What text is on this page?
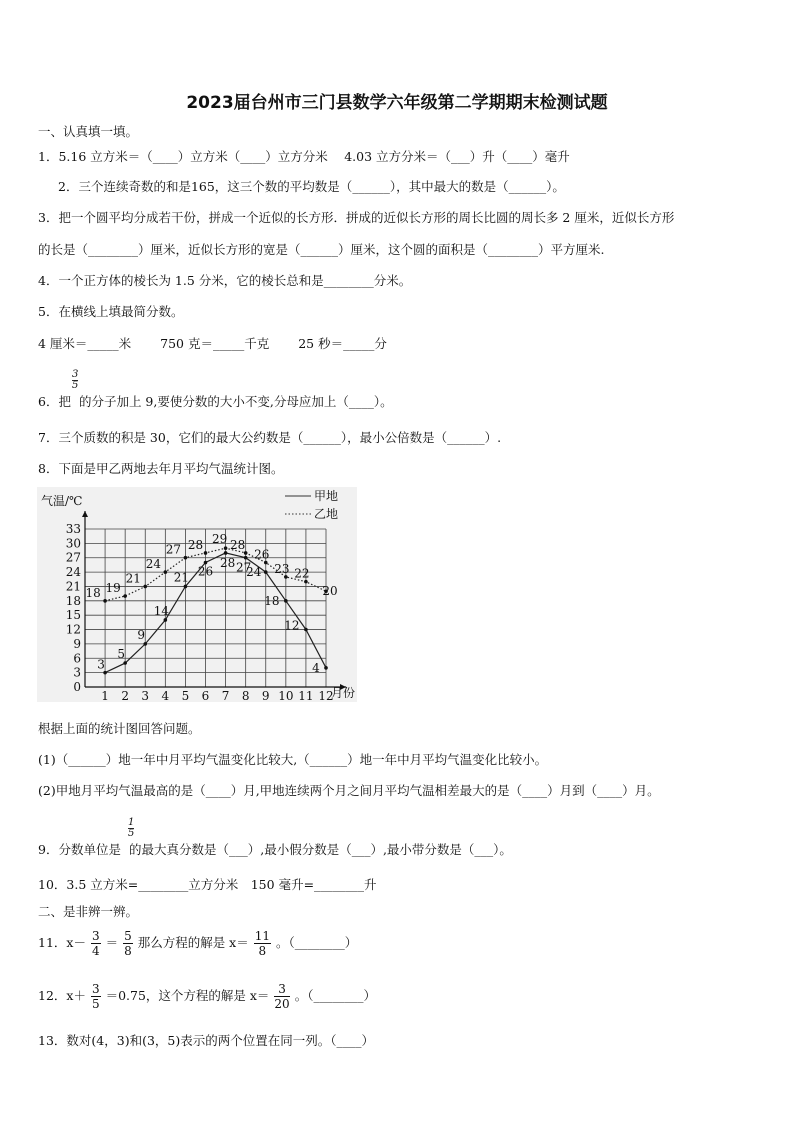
2023届台州市三门县数学六年级第二学期期末检测试题
一、认真填一填。
1．5.16 立方米＝（____）立方米（____）立方分米　 4.03 立方分米＝（___）升（____）毫升
2．三个连续奇数的和是165，这三个数的平均数是（______），其中最大的数是（______）。
3．把一个圆平均分成若干份，拼成一个近似的长方形．拼成的近似长方形的周长比圆的周长多 2 厘米，近似长方形
的长是（________）厘米，近似长方形的宽是（______）厘米，这个圆的面积是（________）平方厘米.
4．一个正方体的棱长为 1.5 分米，它的棱长总和是________分米。
5．在横线上填最简分数。
4 厘米＝_____米　　 750 克＝_____千克　　 25 秒＝_____分
6．把 的分子加上 9,要使分数的大小不变,分母应加上（____）。
3
5
7．三个质数的积是 30，它们的最大公约数是（______），最小公倍数是（______）.
8．下面是甲乙两地去年月平均气温统计图。
0
3
6
9
12
15
18
21
24
27
30
33
1 2 3 4 5 6 7 8 9 10 11 12
3
5
9
14
21 26
28 27
24
18
12
4
18 19
21
24
27 28 29 28
26
23 22
20
气温/℃
月份
甲地
乙地
根据上面的统计图回答问题。
(1)（______）地一年中月平均气温变化比较大,（______）地一年中月平均气温变化比较小。
(2)甲地月平均气温最高的是（____）月,甲地连续两个月之间月平均气温相差最大的是（____）月到（____）月。
9．分数单位是 的最大真分数是（___）,最小假分数是（___）,最小带分数是（___）。
1
5
10．3.5 立方米=________立方分米　150 毫升=________升
二、是非辨一辨。
11．$x- \frac{3}{4} = \frac{5}{8}$ 那么方程的解是 $x= \frac{11}{8}$ 。（________）
12．$x+ \frac{3}{5} =0.75$，这个方程的解是 $x= \frac{3}{20}$ 。（________）
13．数对(4，3)和(3，5)表示的两个位置在同一列。（____）
